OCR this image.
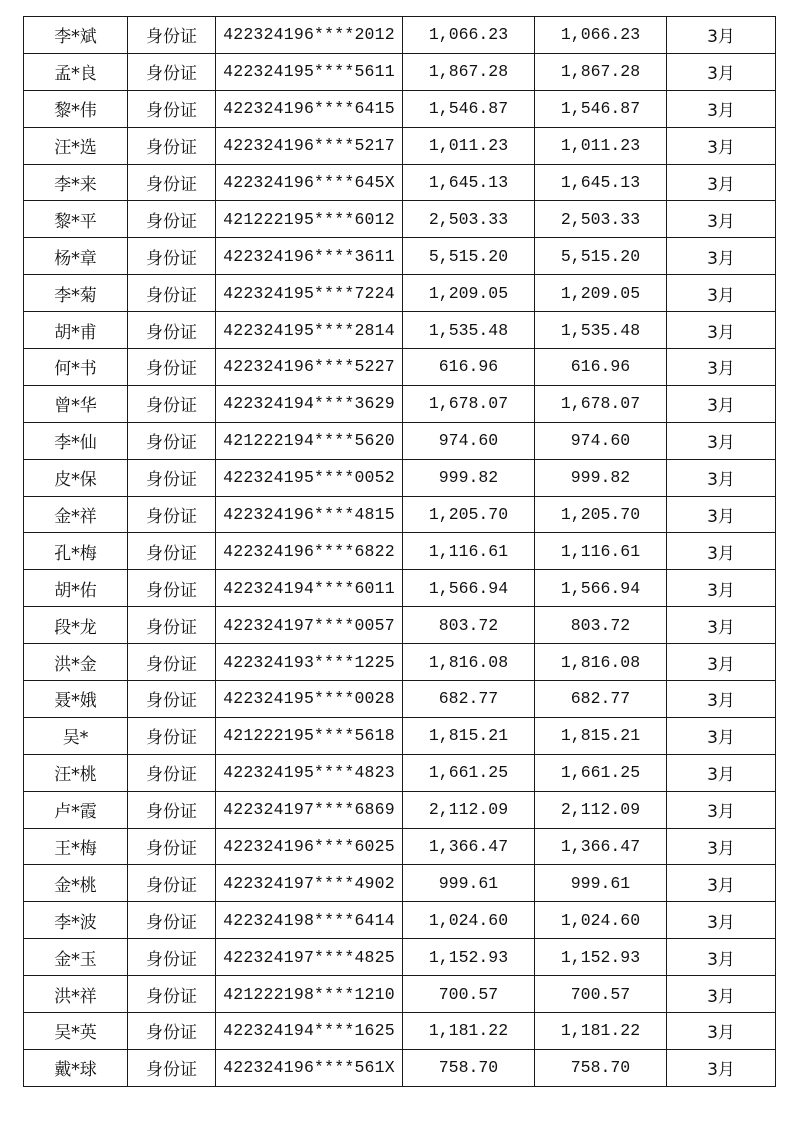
李*斌	身份证	422324196****2012	1,066.23	1,066.23	3月
孟*良	身份证	422324195****5611	1,867.28	1,867.28	3月
黎*伟	身份证	422324196****6415	1,546.87	1,546.87	3月
汪*选	身份证	422324196****5217	1,011.23	1,011.23	3月
李*来	身份证	422324196****645X	1,645.13	1,645.13	3月
黎*平	身份证	421222195****6012	2,503.33	2,503.33	3月
杨*章	身份证	422324196****3611	5,515.20	5,515.20	3月
李*菊	身份证	422324195****7224	1,209.05	1,209.05	3月
胡*甫	身份证	422324195****2814	1,535.48	1,535.48	3月
何*书	身份证	422324196****5227	616.96	616.96	3月
曾*华	身份证	422324194****3629	1,678.07	1,678.07	3月
李*仙	身份证	421222194****5620	974.60	974.60	3月
皮*保	身份证	422324195****0052	999.82	999.82	3月
金*祥	身份证	422324196****4815	1,205.70	1,205.70	3月
孔*梅	身份证	422324196****6822	1,116.61	1,116.61	3月
胡*佑	身份证	422324194****6011	1,566.94	1,566.94	3月
段*龙	身份证	422324197****0057	803.72	803.72	3月
洪*金	身份证	422324193****1225	1,816.08	1,816.08	3月
聂*娥	身份证	422324195****0028	682.77	682.77	3月
吴*	身份证	421222195****5618	1,815.21	1,815.21	3月
汪*桃	身份证	422324195****4823	1,661.25	1,661.25	3月
卢*霞	身份证	422324197****6869	2,112.09	2,112.09	3月
王*梅	身份证	422324196****6025	1,366.47	1,366.47	3月
金*桃	身份证	422324197****4902	999.61	999.61	3月
李*波	身份证	422324198****6414	1,024.60	1,024.60	3月
金*玉	身份证	422324197****4825	1,152.93	1,152.93	3月
洪*祥	身份证	421222198****1210	700.57	700.57	3月
吴*英	身份证	422324194****1625	1,181.22	1,181.22	3月
戴*球	身份证	422324196****561X	758.70	758.70	3月
